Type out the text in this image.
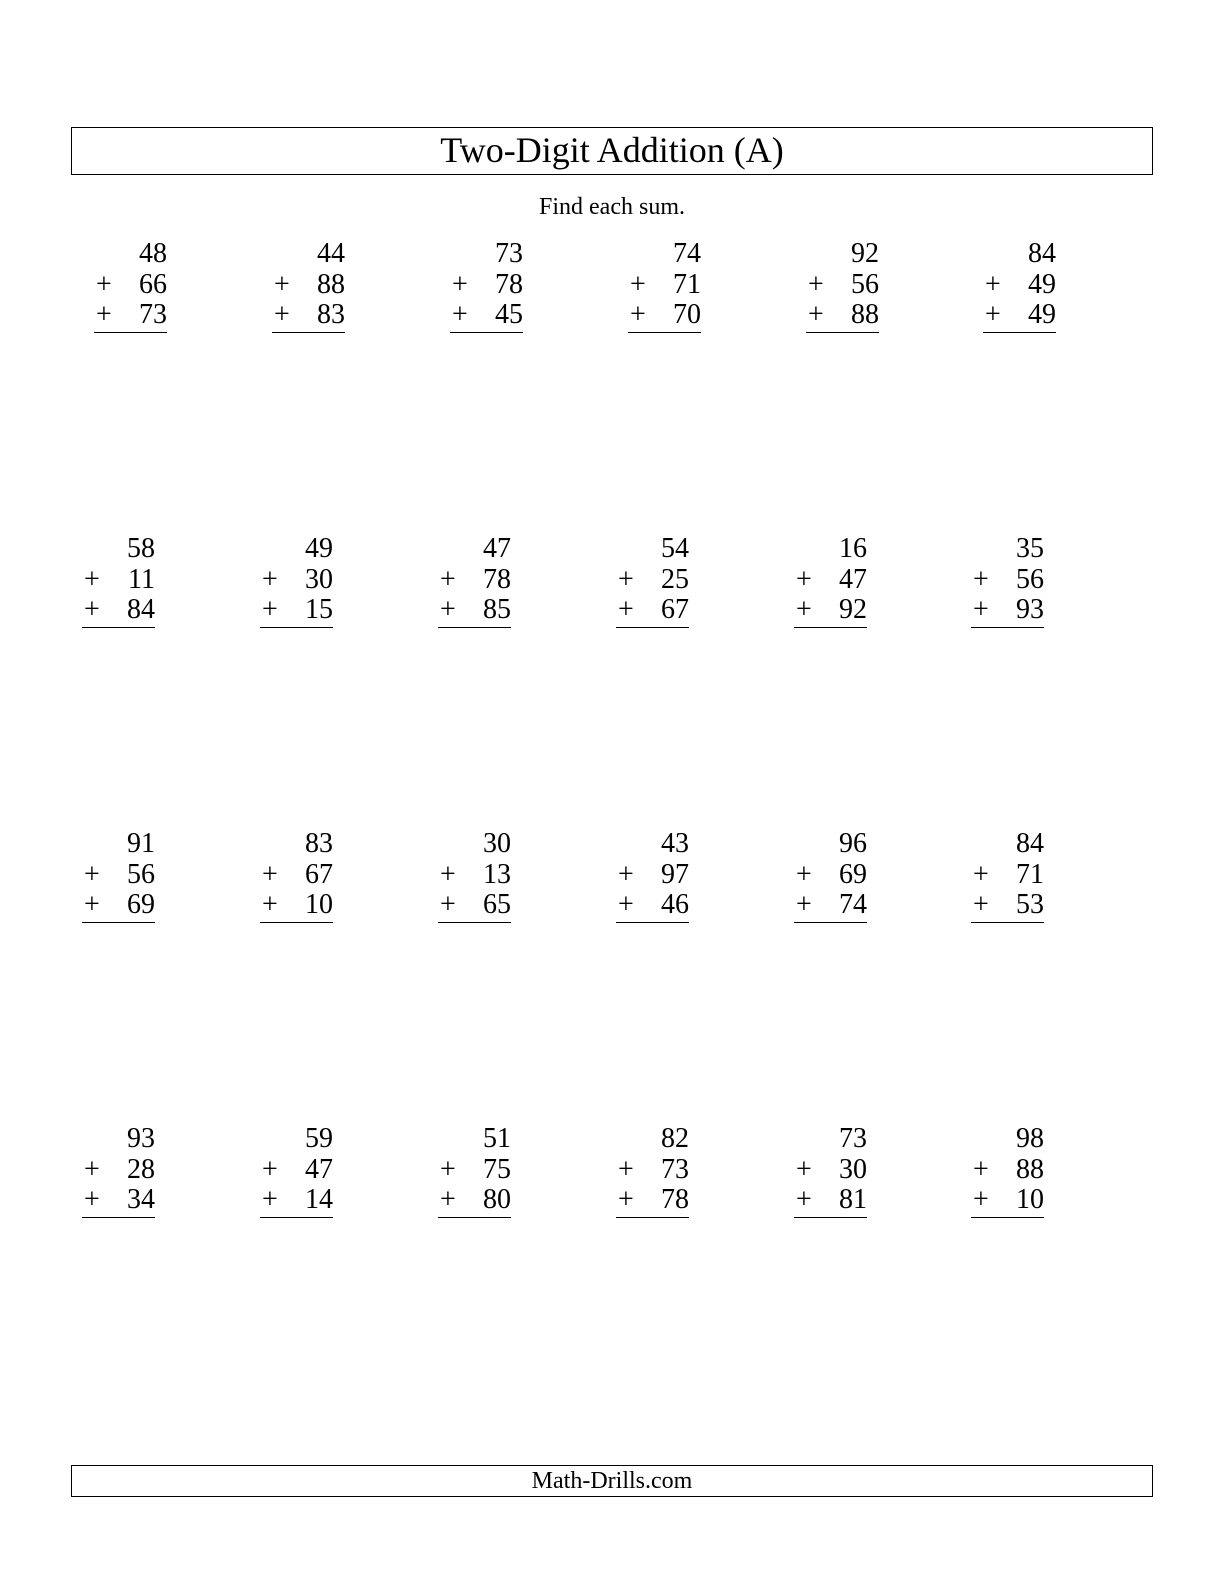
Two-Digit Addition (A)
Find each sum.
48
+ 66
+ 73
44
+ 88
+ 83
73
+ 78
+ 45
74
+ 71
+ 70
92
+ 56
+ 88
84
+ 49
+ 49
58
+ 11
+ 84
49
+ 30
+ 15
47
+ 78
+ 85
54
+ 25
+ 67
16
+ 47
+ 92
35
+ 56
+ 93
91
+ 56
+ 69
83
+ 67
+ 10
30
+ 13
+ 65
43
+ 97
+ 46
96
+ 69
+ 74
84
+ 71
+ 53
93
+ 28
+ 34
59
+ 47
+ 14
51
+ 75
+ 80
82
+ 73
+ 78
73
+ 30
+ 81
98
+ 88
+ 10
Math-Drills.com
